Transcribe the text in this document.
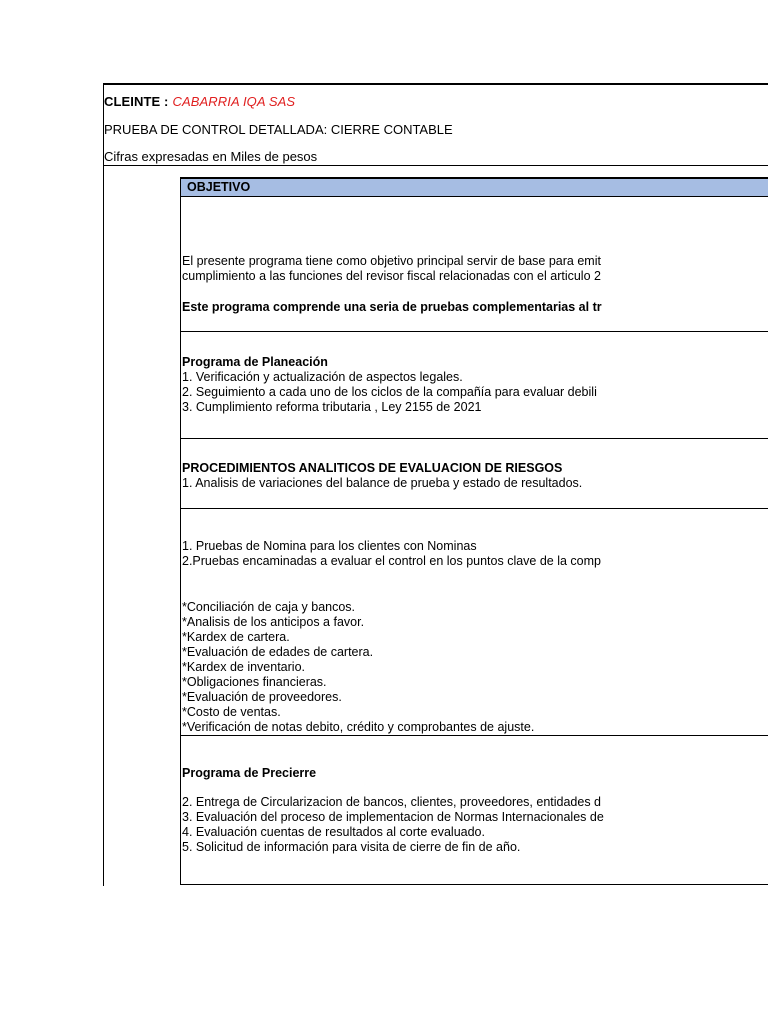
CLEINTE : CABARRIA IQA SAS
PRUEBA DE CONTROL DETALLADA: CIERRE CONTABLE
Cifras expresadas en Miles de pesos
OBJETIVO
El presente programa tiene como objetivo principal servir de base para emit
cumplimiento a las funciones del revisor fiscal relacionadas con el articulo 2
Este programa comprende una seria de pruebas complementarias al tr
Programa de Planeación
1. Verificación y actualización de aspectos legales.
2. Seguimiento a cada uno de los ciclos de la compañía para evaluar debili
3. Cumplimiento reforma tributaria , Ley 2155 de 2021
PROCEDIMIENTOS ANALITICOS DE EVALUACION DE RIESGOS
1. Analisis de variaciones del balance de prueba y estado de resultados.
1. Pruebas de Nomina para los clientes con Nominas
2.Pruebas encaminadas a evaluar el control en los puntos clave de la comp
*Conciliación de caja y bancos.
*Analisis de los anticipos a favor.
*Kardex de cartera.
*Evaluación de edades de cartera.
*Kardex de inventario.
*Obligaciones financieras.
*Evaluación de proveedores.
*Costo de ventas.
*Verificación de notas debito, crédito y comprobantes de ajuste.
Programa de Precierre
2. Entrega de Circularizacion de bancos, clientes, proveedores, entidades d
3. Evaluación del proceso de implementacion de Normas Internacionales de
4. Evaluación cuentas de resultados al corte evaluado.
5. Solicitud de información para visita de cierre de fin de año.
